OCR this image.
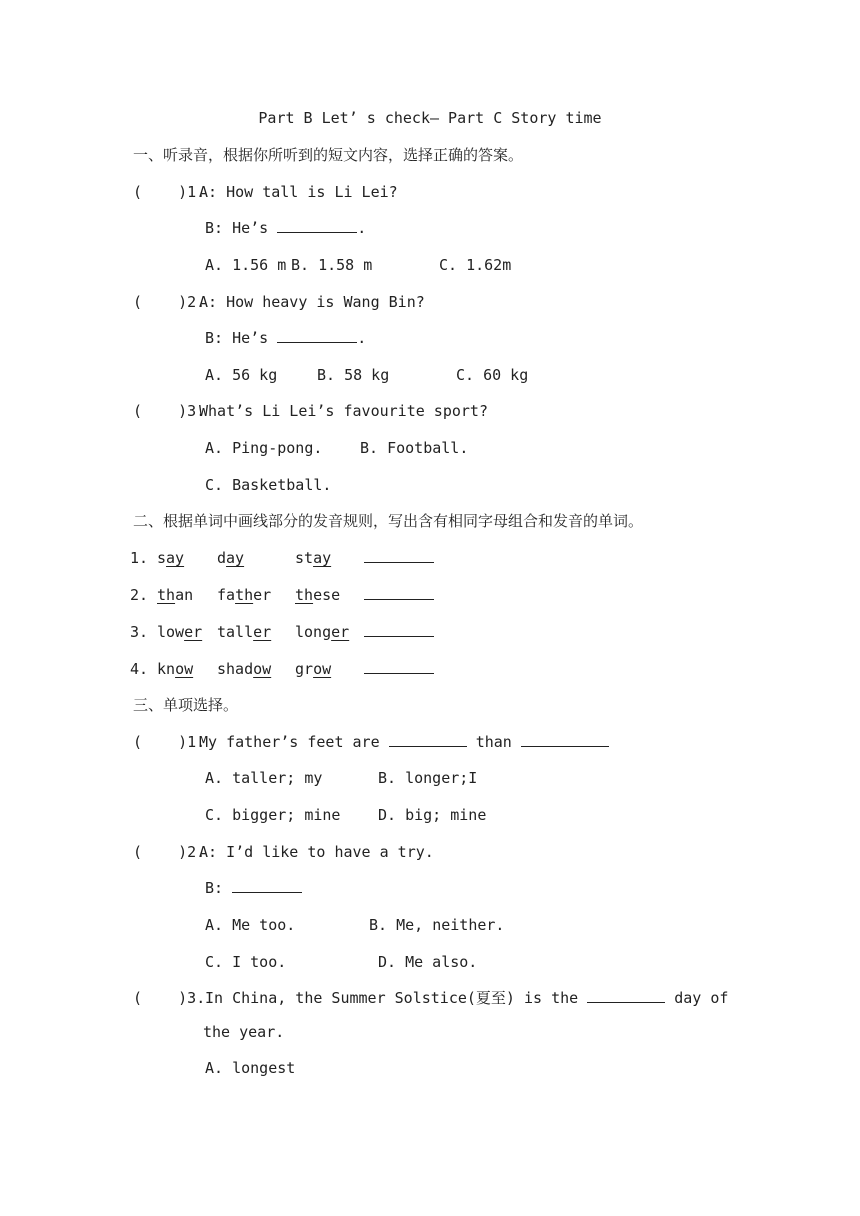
Part B Let’ s check— Part C Story time
一、听录音，根据你所听到的短文内容，选择正确的答案。
(    )1.
A: How tall is Li Lei?
B: He’s	.
A. 1.56 m B. 1.58 m	C. 1.62m
(    )2.
A: How heavy is Wang Bin?
B: He’s	.
A. 56 kg	B. 58 kg	C. 60 kg
(    )3.
What’s Li Lei’s favourite sport?
A. Ping-pong.	B. Football.
C. Basketball.
二、根据单词中画线部分的发音规则，写出含有相同字母组合和发音的单词。
1. say day	stay
2. than father these
3. lower taller longer
4. know shadow grow
三、单项选择。
(    )1.
My father’s feet are	than
A. taller; my	B. longer;I
C. bigger; mine	D. big; mine
(    )2.
A: I’d like to have a try.
B:
A. Me too.	B. Me, neither.
C. I too.	D. Me also.
(    )3. In China, the Summer Solstice(夏至) is the	day of
the year.
A. longest
